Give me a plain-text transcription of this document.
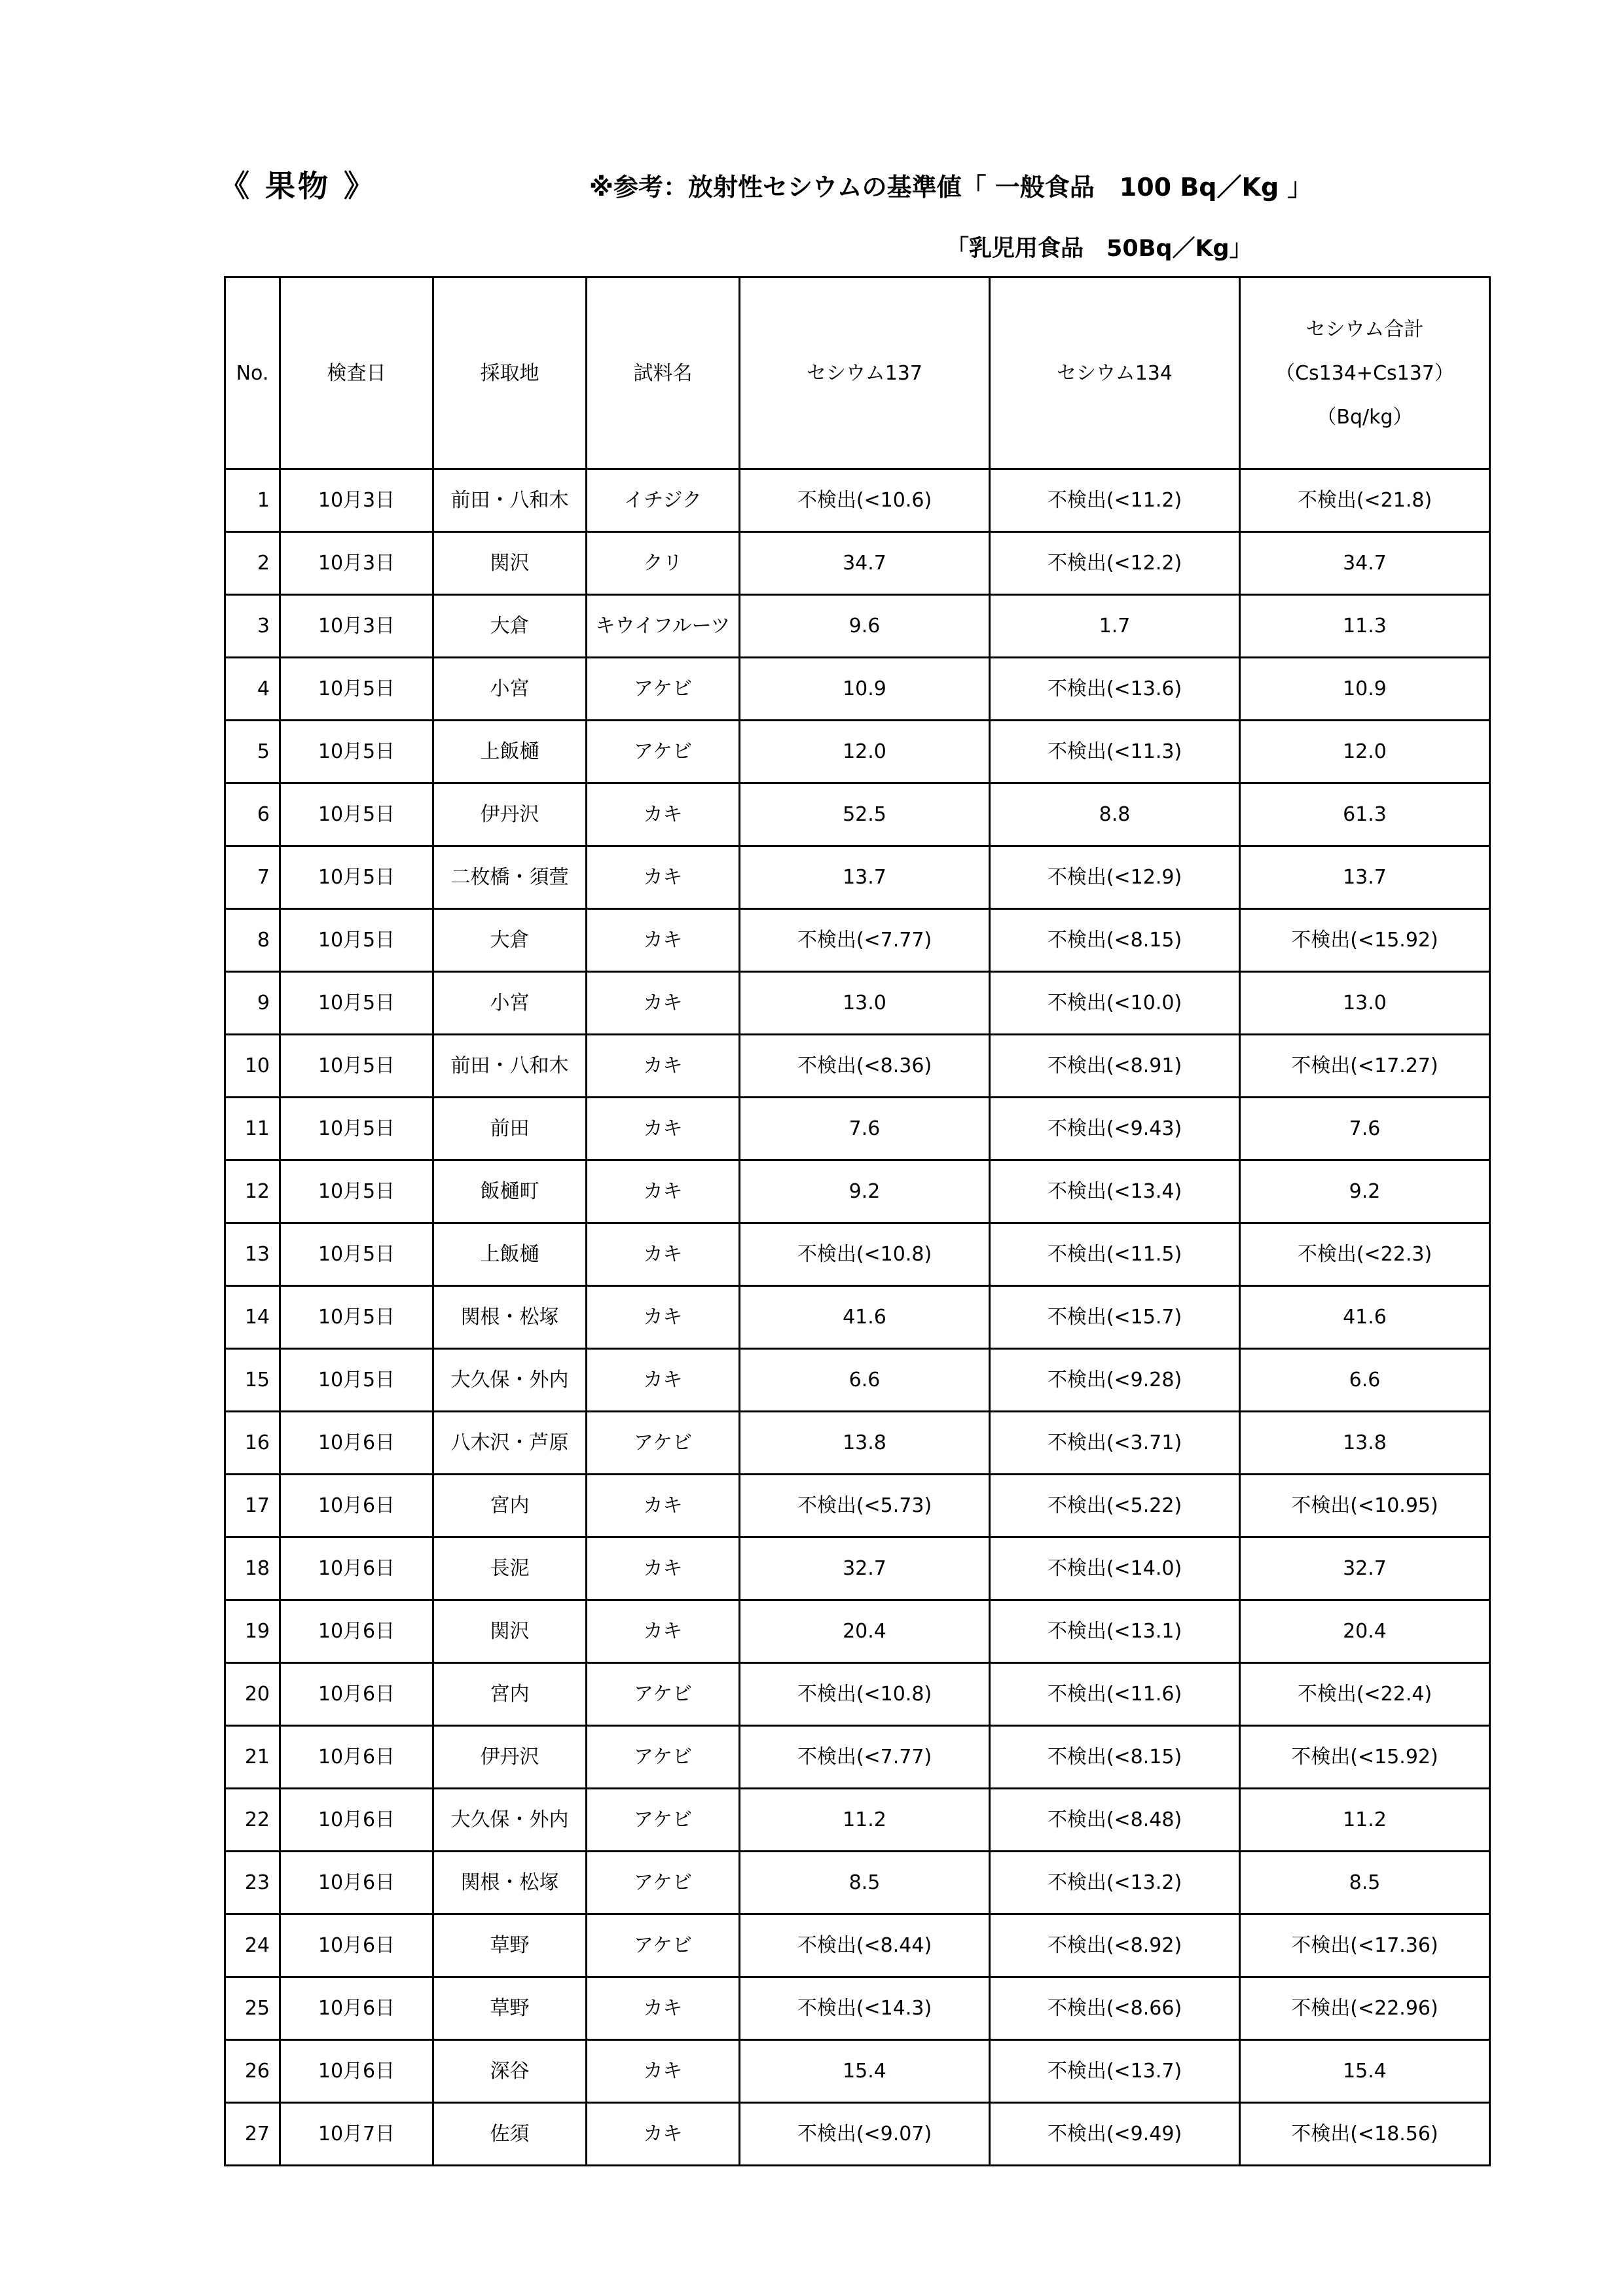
《 果物 》	※参考：放射性セシウムの基準値「 一般食品　100 Bq／Kg 」
「乳児用食品　50Bq／Kg」
No.	検査日	採取地	試料名	セシウム137	セシウム134	セシウム合計
（Cs134+Cs137）
（Bq/kg）

1	10月3日	前田・八和木	イチジク	不検出(<10.6)	不検出(<11.2)	不検出(<21.8)
2	10月3日	関沢	クリ	34.7	不検出(<12.2)	34.7
3	10月3日	大倉	キウイフルーツ	9.6	1.7	11.3
4	10月5日	小宮	アケビ	10.9	不検出(<13.6)	10.9
5	10月5日	上飯樋	アケビ	12.0	不検出(<11.3)	12.0
6	10月5日	伊丹沢	カキ	52.5	8.8	61.3
7	10月5日	二枚橋・須萱	カキ	13.7	不検出(<12.9)	13.7
8	10月5日	大倉	カキ	不検出(<7.77)	不検出(<8.15)	不検出(<15.92)
9	10月5日	小宮	カキ	13.0	不検出(<10.0)	13.0
10	10月5日	前田・八和木	カキ	不検出(<8.36)	不検出(<8.91)	不検出(<17.27)
11	10月5日	前田	カキ	7.6	不検出(<9.43)	7.6
12	10月5日	飯樋町	カキ	9.2	不検出(<13.4)	9.2
13	10月5日	上飯樋	カキ	不検出(<10.8)	不検出(<11.5)	不検出(<22.3)
14	10月5日	関根・松塚	カキ	41.6	不検出(<15.7)	41.6
15	10月5日	大久保・外内	カキ	6.6	不検出(<9.28)	6.6
16	10月6日	八木沢・芦原	アケビ	13.8	不検出(<3.71)	13.8
17	10月6日	宮内	カキ	不検出(<5.73)	不検出(<5.22)	不検出(<10.95)
18	10月6日	長泥	カキ	32.7	不検出(<14.0)	32.7
19	10月6日	関沢	カキ	20.4	不検出(<13.1)	20.4
20	10月6日	宮内	アケビ	不検出(<10.8)	不検出(<11.6)	不検出(<22.4)
21	10月6日	伊丹沢	アケビ	不検出(<7.77)	不検出(<8.15)	不検出(<15.92)
22	10月6日	大久保・外内	アケビ	11.2	不検出(<8.48)	11.2
23	10月6日	関根・松塚	アケビ	8.5	不検出(<13.2)	8.5
24	10月6日	草野	アケビ	不検出(<8.44)	不検出(<8.92)	不検出(<17.36)
25	10月6日	草野	カキ	不検出(<14.3)	不検出(<8.66)	不検出(<22.96)
26	10月6日	深谷	カキ	15.4	不検出(<13.7)	15.4
27	10月7日	佐須	カキ	不検出(<9.07)	不検出(<9.49)	不検出(<18.56)
